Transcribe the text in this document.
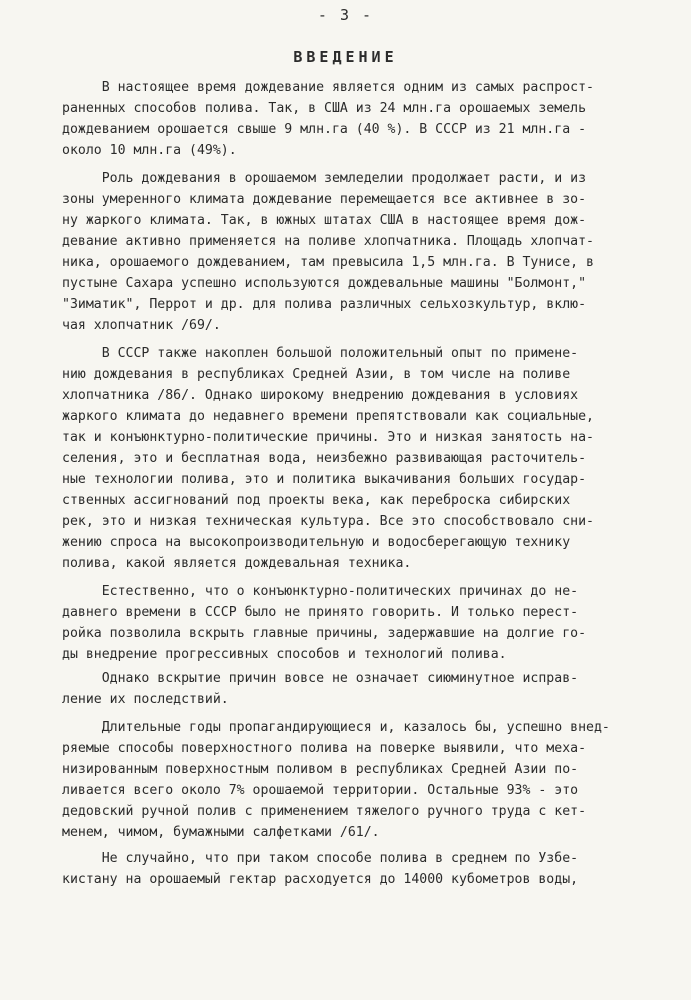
- 3 -
ВВЕДЕНИЕ
В настоящее время дождевание является одним из самых распрост-
раненных способов полива. Так, в США из 24 млн.га орошаемых земель
дождеванием орошается свыше 9 млн.га (40 %). В СССР из 21 млн.га -
около 10 млн.га (49%).
Роль дождевания в орошаемом земледелии продолжает расти, и из
зоны умеренного климата дождевание перемещается все активнее в зо-
ну жаркого климата. Так, в южных штатах США в настоящее время дож-
девание активно применяется на поливе хлопчатника. Площадь хлопчат-
ника, орошаемого дождеванием, там превысила 1,5 млн.га. В Тунисе, в
пустыне Сахара успешно используются дождевальные машины "Болмонт,"
"Зиматик", Перрот и др. для полива различных сельхозкультур, вклю-
чая хлопчатник /69/.
В СССР также накоплен большой положительный опыт по примене-
нию дождевания в республиках Средней Азии, в том числе на поливе
хлопчатника /86/. Однако широкому внедрению дождевания в условиях
жаркого климата до недавнего времени препятствовали как социальные,
так и конъюнктурно-политические причины. Это и низкая занятость на-
селения, это и бесплатная вода, неизбежно развивающая расточитель-
ные технологии полива, это и политика выкачивания больших государ-
ственных ассигнований под проекты века, как переброска сибирских
рек, это и низкая техническая культура. Все это способствовало сни-
жению спроса на высокопроизводительную и водосберегающую технику
полива, какой является дождевальная техника.
Естественно, что о конъюнктурно-политических причинах до не-
давнего времени в СССР было не принято говорить. И только перест-
ройка позволила вскрыть главные причины, задержавшие на долгие го-
ды внедрение прогрессивных способов и технологий полива.
Однако вскрытие причин вовсе не означает сиюминутное исправ-
ление их последствий.
Длительные годы пропагандирующиеся и, казалось бы, успешно внед-
ряемые способы поверхностного полива на поверке выявили, что меха-
низированным поверхностным поливом в республиках Средней Азии по-
ливается всего около 7% орошаемой территории. Остальные 93% - это
дедовский ручной полив с применением тяжелого ручного труда с кет-
менем, чимом, бумажными салфетками /61/.
Не случайно, что при таком способе полива в среднем по Узбе-
кистану на орошаемый гектар расходуется до 14000 кубометров воды,
